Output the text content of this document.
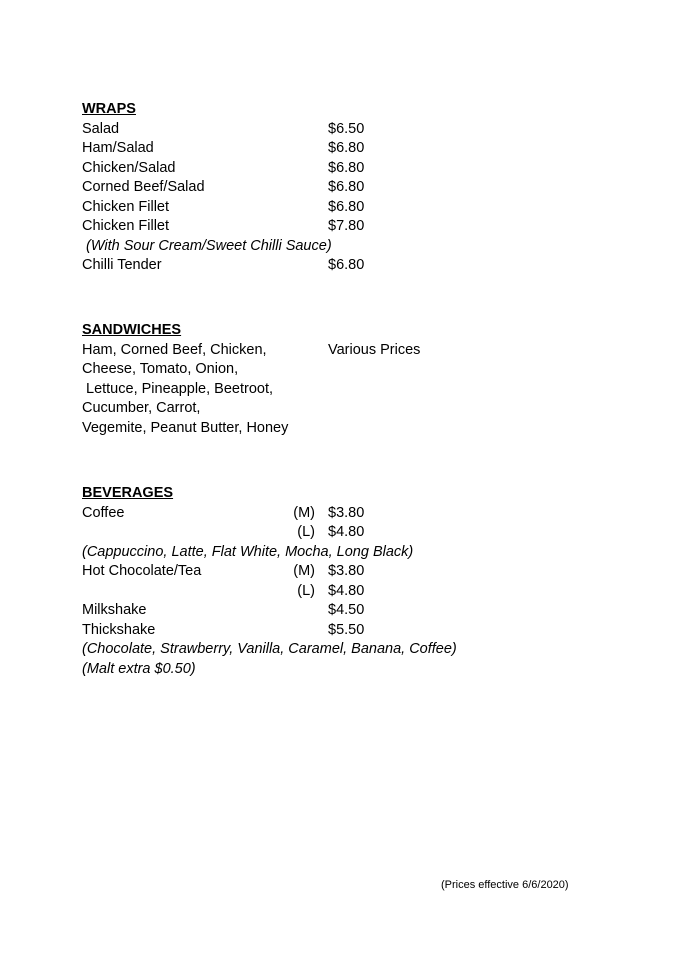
WRAPS
Salad	$6.50
Ham/Salad	$6.80
Chicken/Salad	$6.80
Corned Beef/Salad	$6.80
Chicken Fillet	$6.80
Chicken Fillet	$7.80
(With Sour Cream/Sweet Chilli Sauce)
Chilli Tender	$6.80
SANDWICHES
Ham, Corned Beef, Chicken,	Various Prices
Cheese, Tomato, Onion,
Lettuce, Pineapple, Beetroot,
Cucumber, Carrot,
Vegemite, Peanut Butter, Honey
BEVERAGES
Coffee	(M) $3.80
(L) $4.80
(Cappuccino, Latte, Flat White, Mocha, Long Black)
Hot Chocolate/Tea	(M) $3.80
(L) $4.80
Milkshake	$4.50
Thickshake	$5.50
(Chocolate, Strawberry, Vanilla, Caramel, Banana, Coffee)
(Malt extra $0.50)
(Prices effective 6/6/2020)
